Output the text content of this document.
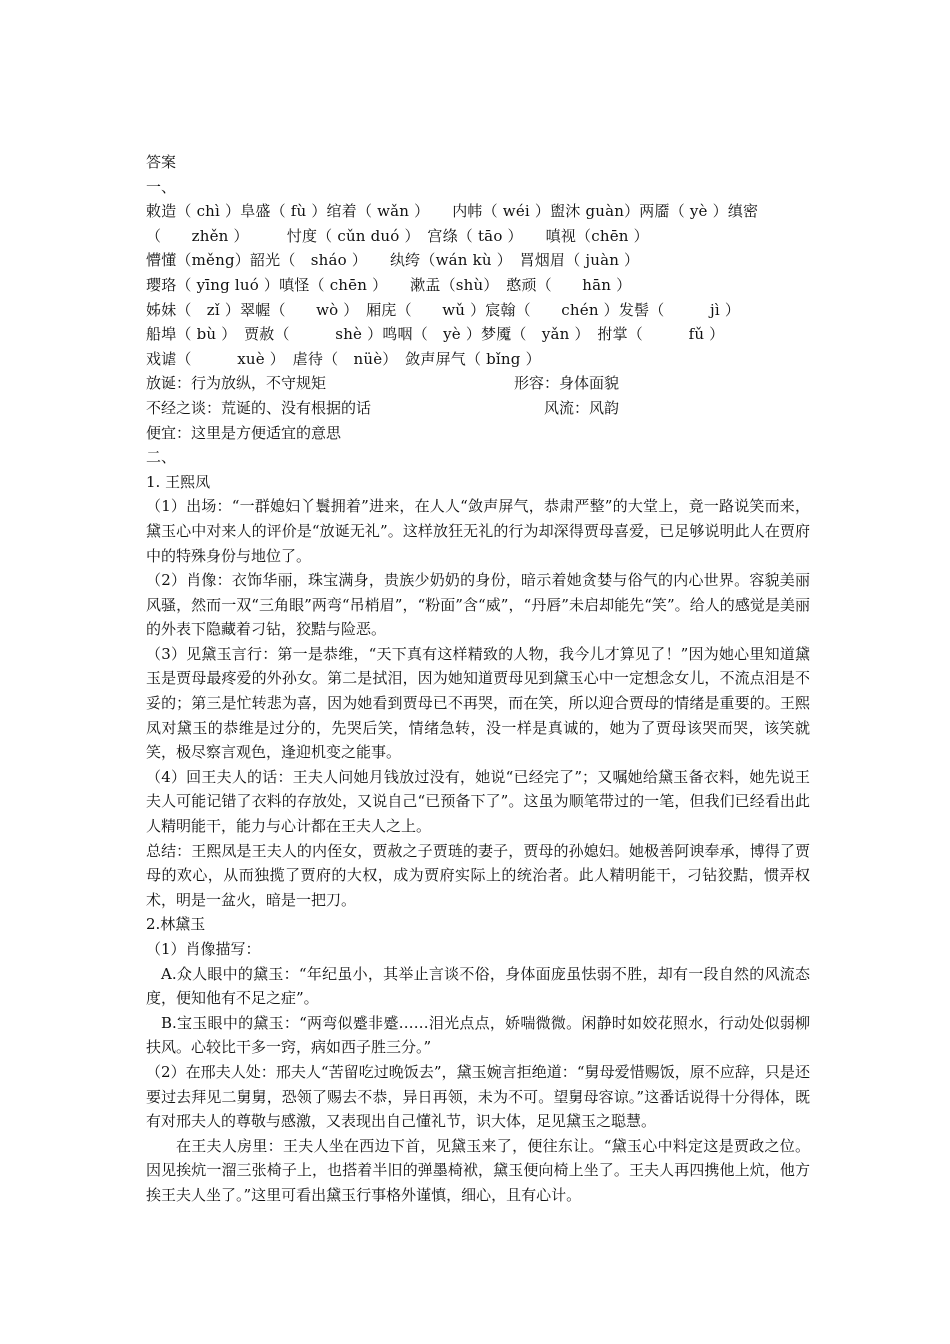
答案
一、
敕造（ chì ）阜盛（ fù ）绾着（ wǎn ）　　内帏（ wéi ）盥沐 guàn）两靥（ yè ）缜密
（　　zhěn ）　　　忖度（ cǔn duó ）　宫绦（ tāo ）　　嗔视（chēn ）
懵懂（měng）韶光（　sháo ）　　纨绔（wán kù ）　罥烟眉（ juàn ）
璎珞（ yīng luó ）嗔怪（ chēn ）　　漱盂（shù）　憨顽（　　hān ）
姊妹（　zǐ ）翠幄（　　wò ）　厢庑（　　wǔ ）宸翰（　　chén ）发髻（　　　jì ）
船埠（ bù ）　贾赦（　　　shè ）鸣咽（　yè ）梦魇（　yǎn ）　拊掌（　　　fǔ ）
戏谑（　　　xuè ）　虐待（　nüè）　敛声屏气（ bǐng ）
放诞：行为放纵，不守规矩	形容：身体面貌
不经之谈：荒诞的、没有根据的话	　　风流：风韵
便宜：这里是方便适宜的意思
二、
1. 王熙凤
（1）出场：“一群媳妇丫鬟拥着”进来，在人人“敛声屏气，恭肃严整”的大堂上，竟一路说笑而来，黛玉心中对来人的评价是“放诞无礼”。这样放狂无礼的行为却深得贾母喜爱，已足够说明此人在贾府中的特殊身份与地位了。
（2）肖像：衣饰华丽，珠宝满身，贵族少奶奶的身份，暗示着她贪婪与俗气的内心世界。容貌美丽风骚，然而一双“三角眼”两弯“吊梢眉”，“粉面”含“威”，“丹唇”未启却能先“笑”。给人的感觉是美丽的外表下隐藏着刁钻，狡黠与险恶。
（3）见黛玉言行：第一是恭维，“天下真有这样精致的人物，我今儿才算见了！”因为她心里知道黛玉是贾母最疼爱的外孙女。第二是拭泪，因为她知道贾母见到黛玉心中一定想念女儿，不流点泪是不妥的；第三是忙转悲为喜，因为她看到贾母已不再哭，而在笑，所以迎合贾母的情绪是重要的。王熙凤对黛玉的恭维是过分的，先哭后笑，情绪急转，没一样是真诚的，她为了贾母该哭而哭，该笑就笑，极尽察言观色，逢迎机变之能事。
（4）回王夫人的话：王夫人问她月钱放过没有，她说“已经完了”；又嘱她给黛玉备衣料，她先说王夫人可能记错了衣料的存放处，又说自己“已预备下了”。这虽为顺笔带过的一笔，但我们已经看出此人精明能干，能力与心计都在王夫人之上。
总结：王熙凤是王夫人的内侄女，贾赦之子贾琏的妻子，贾母的孙媳妇。她极善阿谀奉承，博得了贾母的欢心，从而独揽了贾府的大权，成为贾府实际上的统治者。此人精明能干，刁钻狡黠，惯弄权术，明是一盆火，暗是一把刀。
2.林黛玉
（1）肖像描写：
A.众人眼中的黛玉：“年纪虽小，其举止言谈不俗，身体面庞虽怯弱不胜，却有一段自然的风流态度，便知他有不足之症”。
B.宝玉眼中的黛玉：“两弯似蹙非蹙……泪光点点，娇喘微微。闲静时如姣花照水，行动处似弱柳扶风。心较比干多一窍，病如西子胜三分。”
（2）在邢夫人处：邢夫人“苦留吃过晚饭去”，黛玉婉言拒绝道：“舅母爱惜赐饭，原不应辞，只是还要过去拜见二舅舅，恐领了赐去不恭，异日再领，未为不可。望舅母容谅。”这番话说得十分得体，既有对邢夫人的尊敬与感激，又表现出自己懂礼节，识大体，足见黛玉之聪慧。
在王夫人房里：王夫人坐在西边下首，见黛玉来了，便往东让。“黛玉心中料定这是贾政之位。因见挨炕一溜三张椅子上，也搭着半旧的弹墨椅袱，黛玉便向椅上坐了。王夫人再四携他上炕，他方挨王夫人坐了。”这里可看出黛玉行事格外谨慎，细心，且有心计。
